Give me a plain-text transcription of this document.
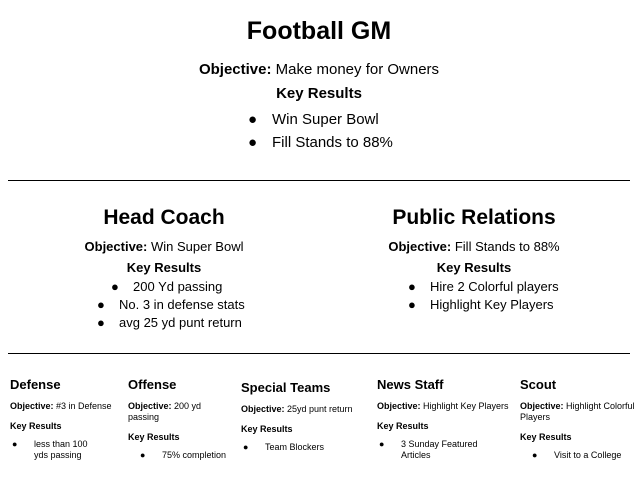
Football GM
Objective: Make money for Owners
Key Results
● Win Super Bowl
● Fill Stands to 88%
Head Coach
Objective: Win Super Bowl
Key Results
●	200 Yd passing
●	No. 3 in defense stats
●	avg 25 yd punt return
Public Relations
Objective: Fill Stands to 88%
Key Results
●	Hire 2 Colorful players
●	Highlight Key Players
Defense
Objective: #3 in Defense
Key Results
●	less than 100 yds passing
Offense
Objective: 200 yd passing
Key Results
●	75% completion
Special Teams
Objective: 25yd punt return
Key Results
●	Team Blockers
News Staff
Objective: Highlight Key Players
Key Results
●	3 Sunday Featured Articles
Scout
Objective: Highlight Colorful Players
Key Results
●	Visit to a College
